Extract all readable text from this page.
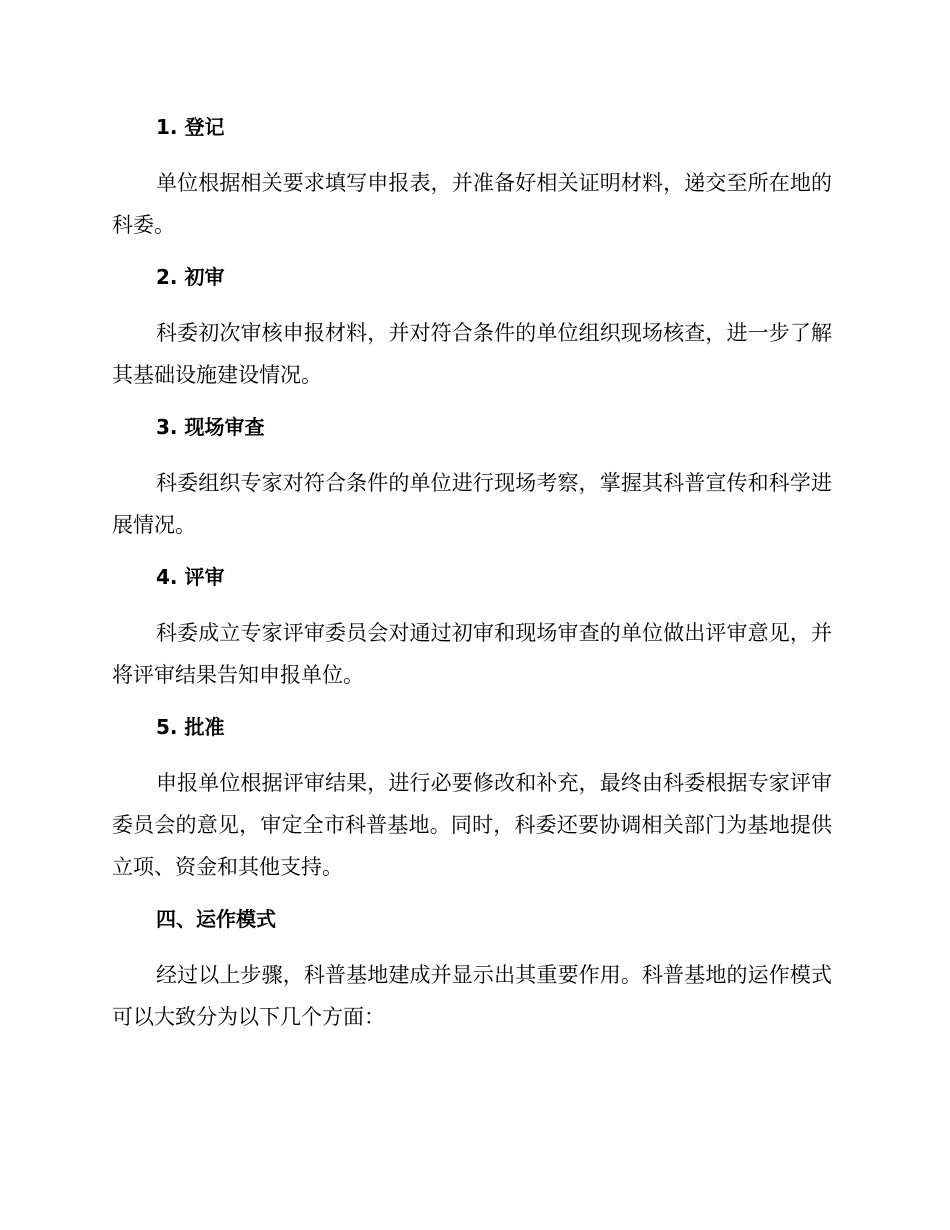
1. 登记

单位根据相关要求填写申报表，并准备好相关证明材料，递交至所在地的科委。

2. 初审

科委初次审核申报材料，并对符合条件的单位组织现场核查，进一步了解其基础设施建设情况。

3. 现场审查

科委组织专家对符合条件的单位进行现场考察，掌握其科普宣传和科学进展情况。

4. 评审

科委成立专家评审委员会对通过初审和现场审查的单位做出评审意见，并将评审结果告知申报单位。

5. 批准

申报单位根据评审结果，进行必要修改和补充，最终由科委根据专家评审委员会的意见，审定全市科普基地。同时，科委还要协调相关部门为基地提供立项、资金和其他支持。

四、运作模式

经过以上步骤，科普基地建成并显示出其重要作用。科普基地的运作模式可以大致分为以下几个方面：
